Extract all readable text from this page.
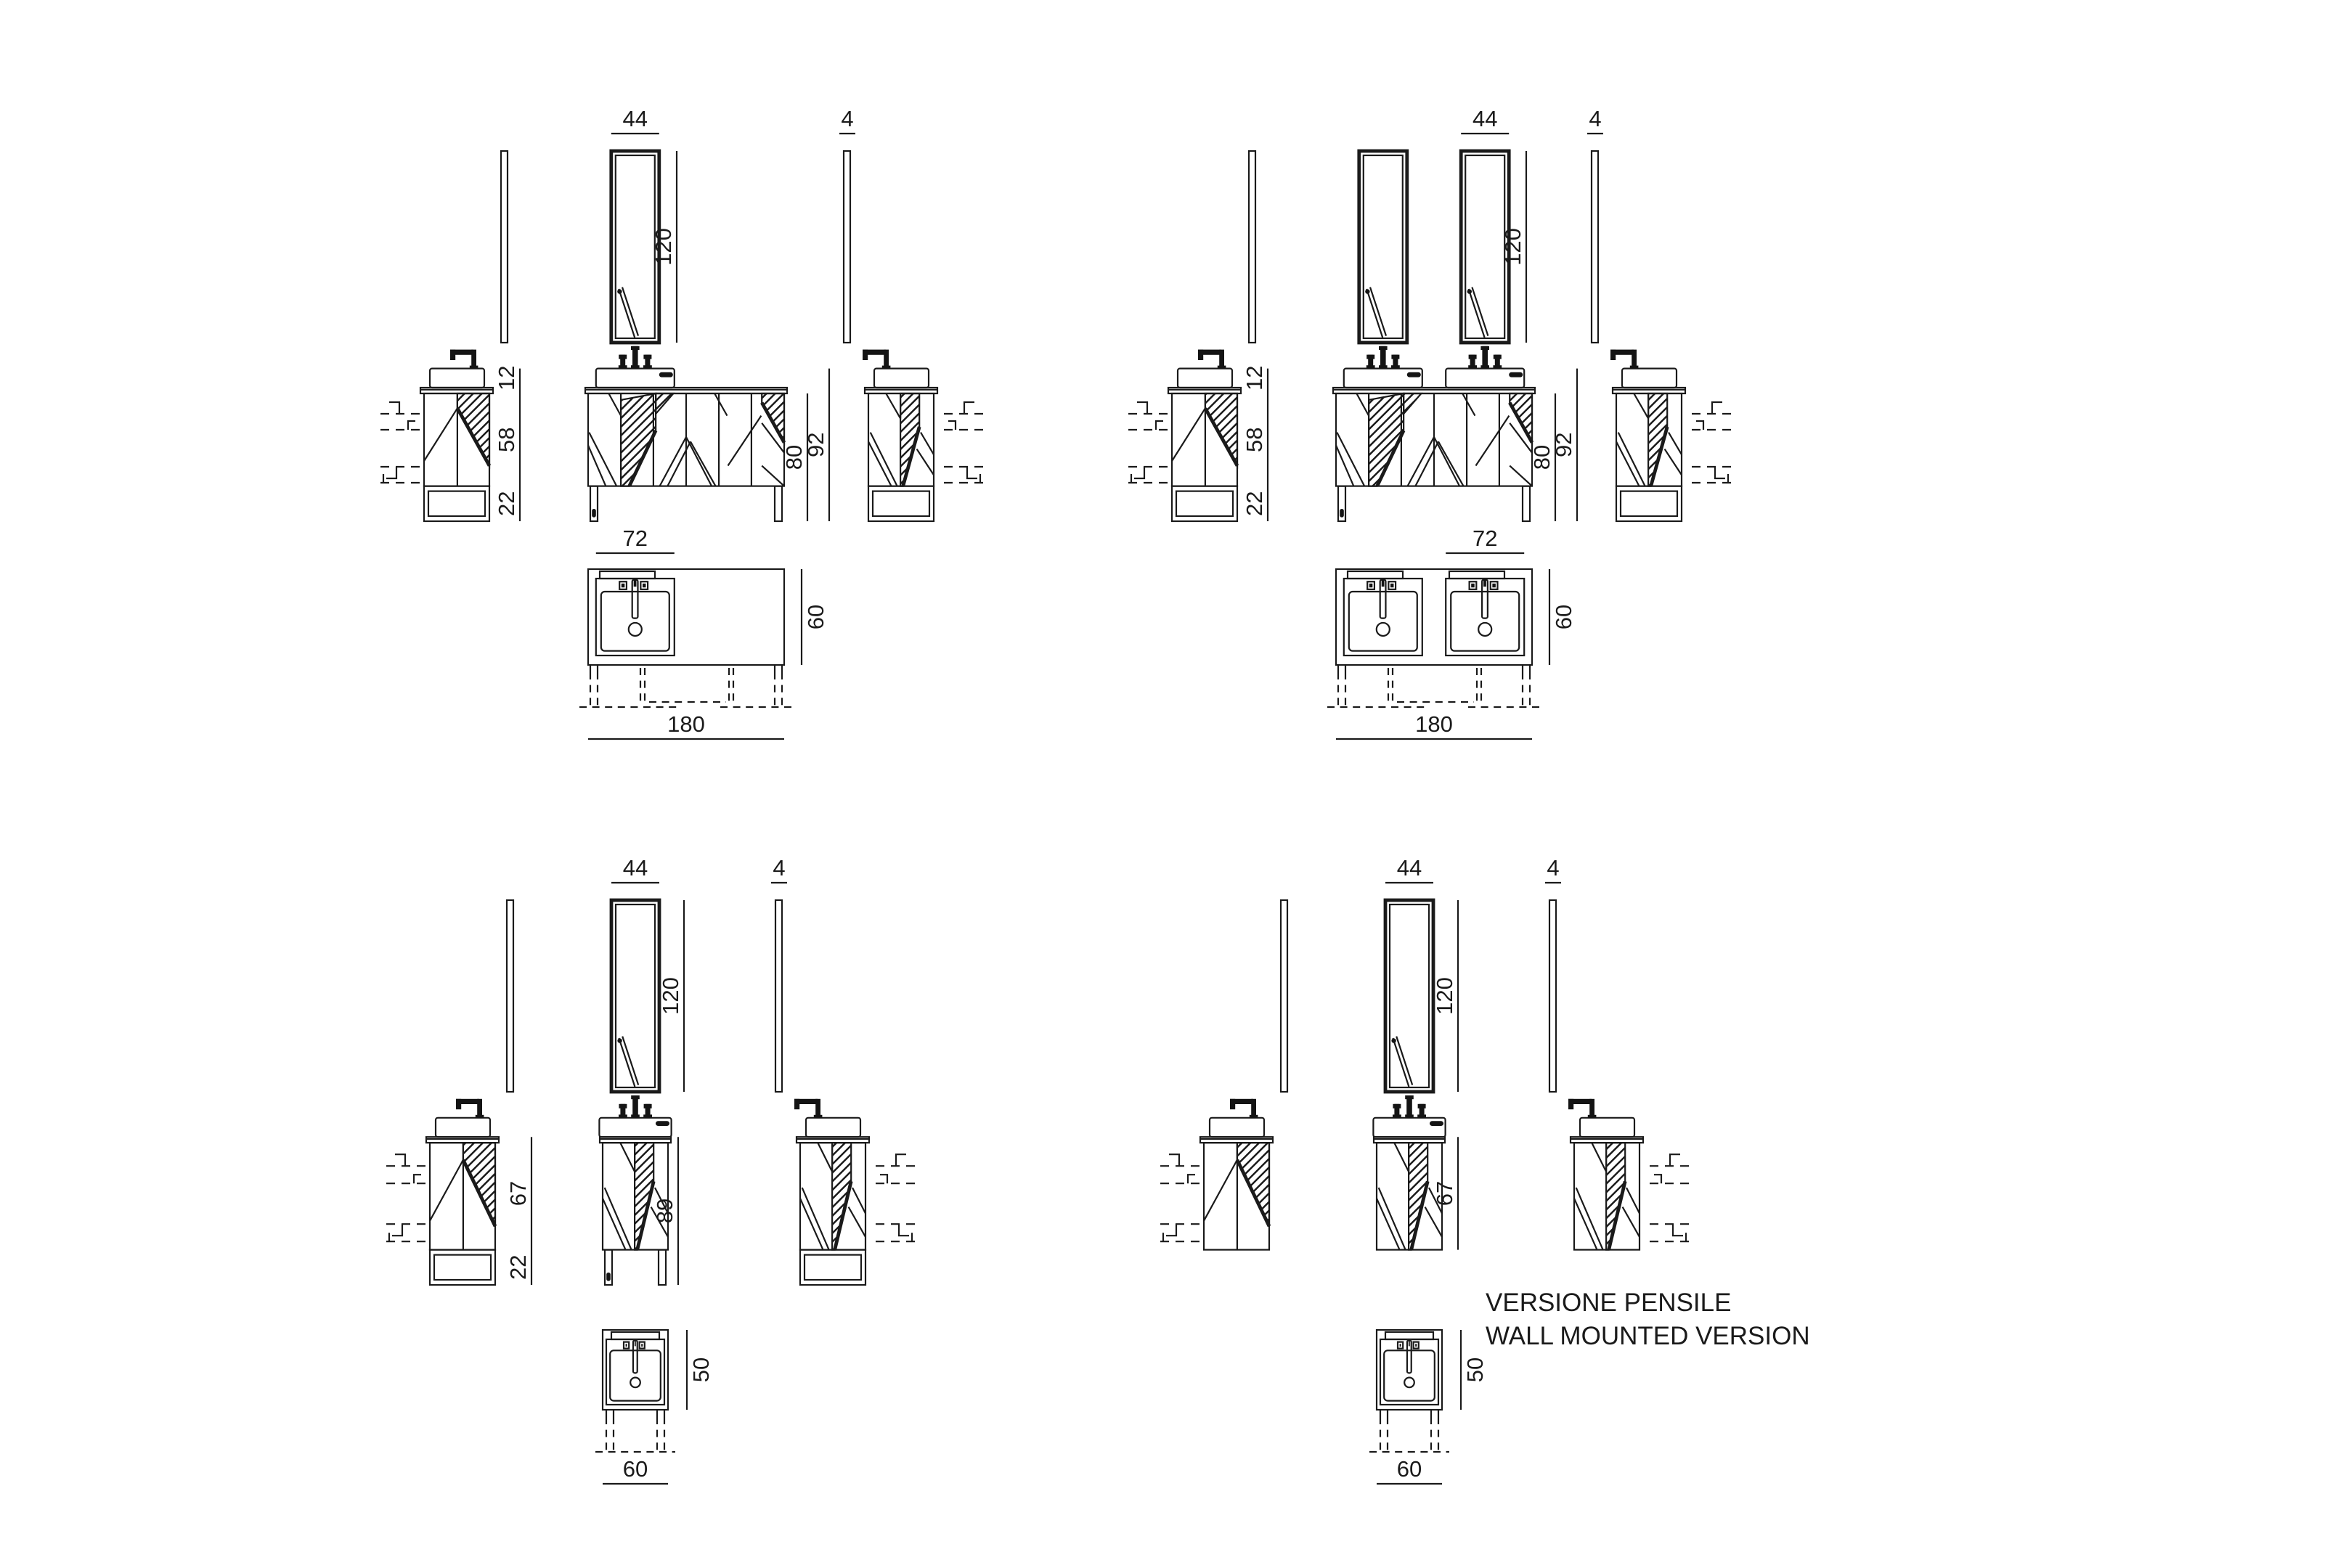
44	4
120
12
58
22
80
92
72
60
180
44	4
120
12
58
22
80
92
72
60
180
44	4
120
67
22
89
50
60
44	4
120
67
50
60
VERSIONE PENSILE
WALL MOUNTED VERSION
